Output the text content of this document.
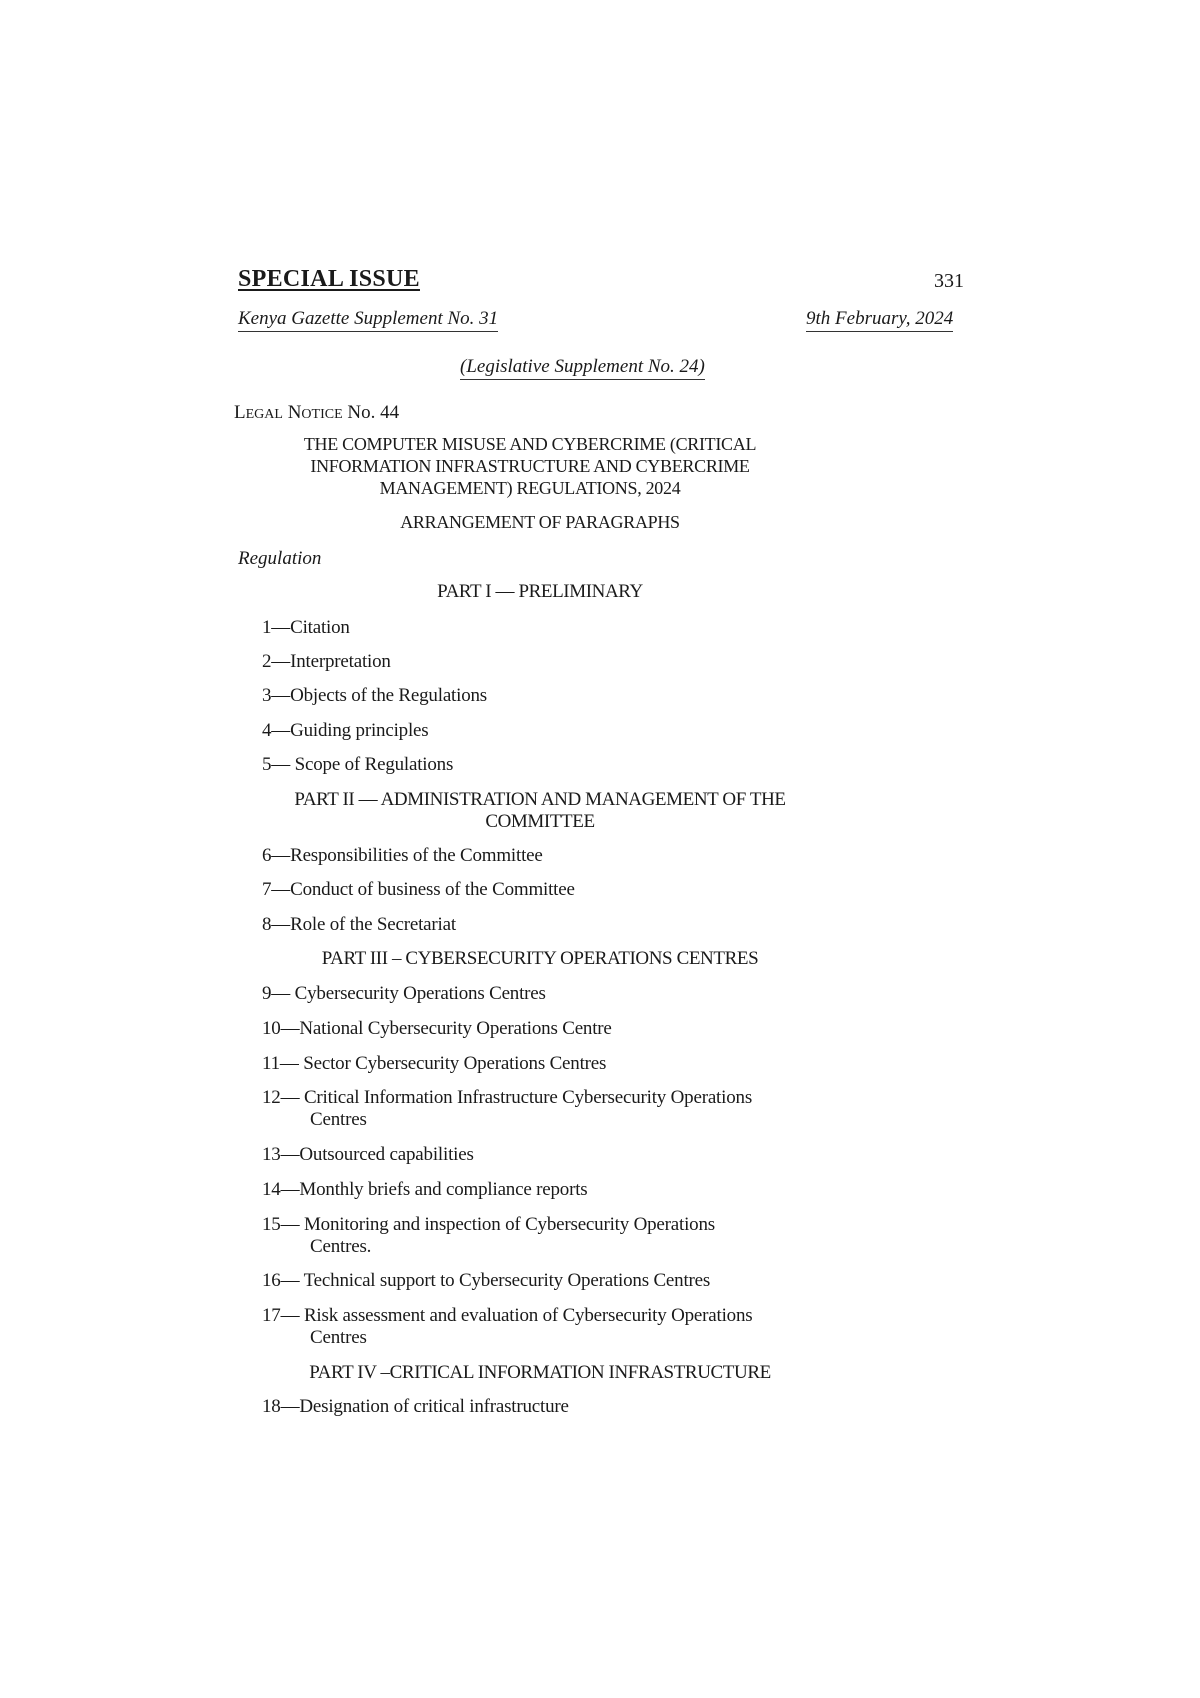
SPECIAL ISSUE	331
Kenya Gazette Supplement No. 31	9th February, 2024
(Legislative Supplement No. 24)
LEGAL NOTICE No. 44
THE COMPUTER MISUSE AND CYBERCRIME (CRITICAL
INFORMATION INFRASTRUCTURE AND CYBERCRIME
MANAGEMENT) REGULATIONS, 2024
ARRANGEMENT OF PARAGRAPHS
Regulation
PART I — PRELIMINARY
1—Citation
2—Interpretation
3—Objects of the Regulations
4—Guiding principles
5— Scope of Regulations
PART II — ADMINISTRATION AND MANAGEMENT OF THE
COMMITTEE
6—Responsibilities of the Committee
7—Conduct of business of the Committee
8—Role of the Secretariat
PART III – CYBERSECURITY OPERATIONS CENTRES
9— Cybersecurity Operations Centres
10—National Cybersecurity Operations Centre
11— Sector Cybersecurity Operations Centres
12— Critical Information Infrastructure Cybersecurity Operations
Centres
13—Outsourced capabilities
14—Monthly briefs and compliance reports
15— Monitoring and inspection of Cybersecurity Operations
Centres.
16— Technical support to Cybersecurity Operations Centres
17— Risk assessment and evaluation of Cybersecurity Operations
Centres
PART IV –CRITICAL INFORMATION INFRASTRUCTURE
18—Designation of critical infrastructure
